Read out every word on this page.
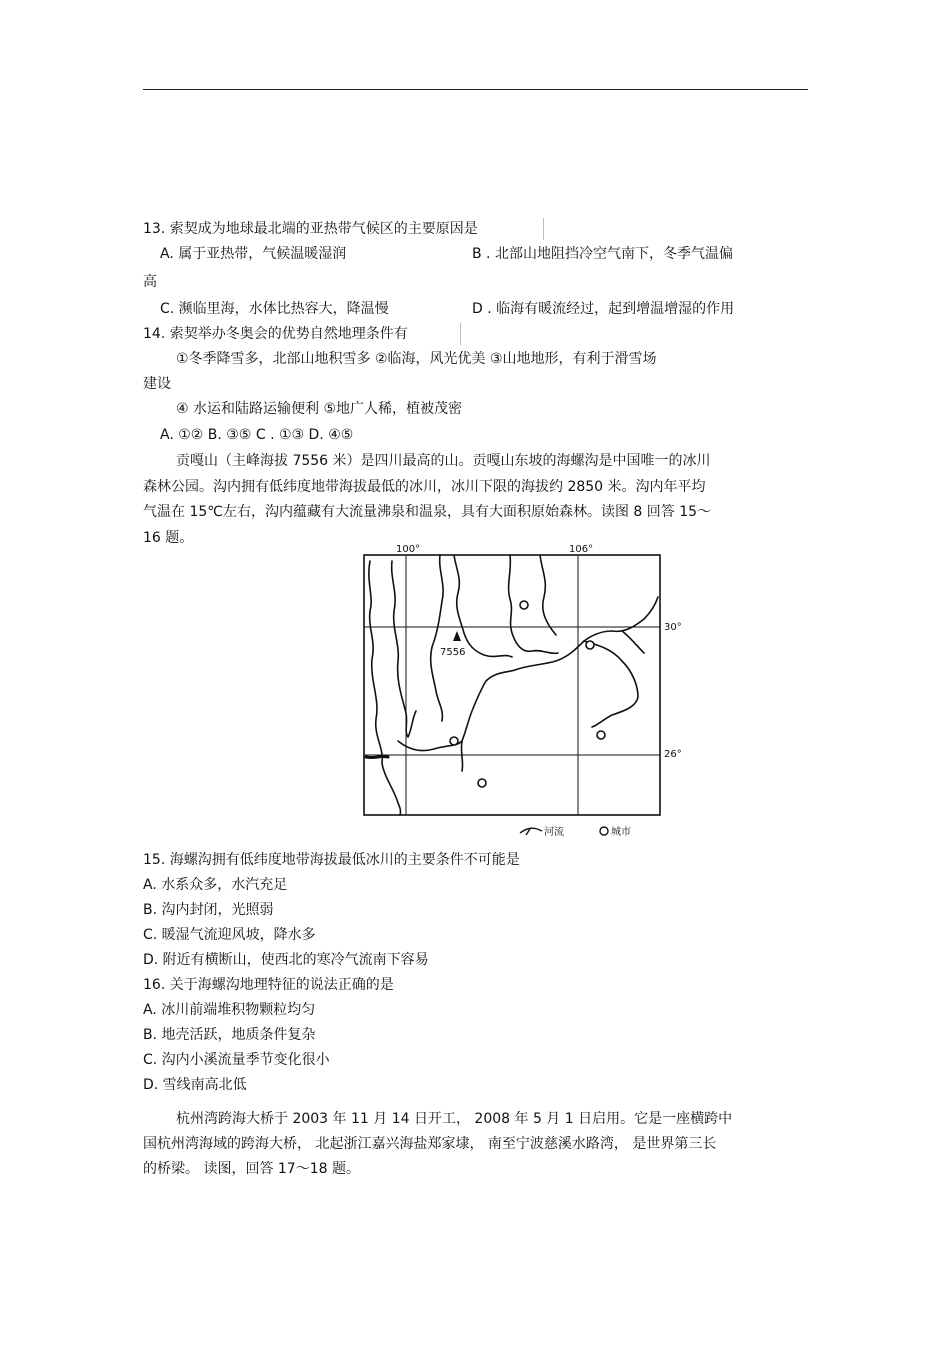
13. 索契成为地球最北端的亚热带气候区的主要原因是
A. 属于亚热带，气候温暖湿润	B . 北部山地阻挡冷空气南下，冬季气温偏
高
C. 濒临里海，水体比热容大，降温慢	D . 临海有暖流经过，起到增温增湿的作用
14. 索契举办冬奥会的优势自然地理条件有
①冬季降雪多，北部山地积雪多 ②临海，风光优美 ③山地地形，有利于滑雪场
建设
④ 水运和陆路运输便利 ⑤地广人稀，植被茂密
A. ①② B. ③⑤ C . ①③ D. ④⑤
贡嘎山（主峰海拔 7556 米）是四川最高的山。贡嘎山东坡的海螺沟是中国唯一的冰川
森林公园。沟内拥有低纬度地带海拔最低的冰川，冰川下限的海拔约 2850 米。沟内年平均
气温在 15℃左右，沟内蕴藏有大流量沸泉和温泉，具有大面积原始森林。读图 8 回答 15～
16 题。
100°	106°
30°
26°
7556
河流	城市
15. 海螺沟拥有低纬度地带海拔最低冰川的主要条件不可能是
A. 水系众多，水汽充足
B. 沟内封闭，光照弱
C. 暖湿气流迎风坡，降水多
D. 附近有横断山，使西北的寒冷气流南下容易
16. 关于海螺沟地理特征的说法正确的是
A. 冰川前端堆积物颗粒均匀
B. 地壳活跃，地质条件复杂
C. 沟内小溪流量季节变化很小
D. 雪线南高北低
杭州湾跨海大桥于 2003 年 11 月 14 日开工， 2008 年 5 月 1 日启用。它是一座横跨中
国杭州湾海域的跨海大桥， 北起浙江嘉兴海盐郑家埭， 南至宁波慈溪水路湾， 是世界第三长
的桥梁。 读图，回答 17～18 题。
